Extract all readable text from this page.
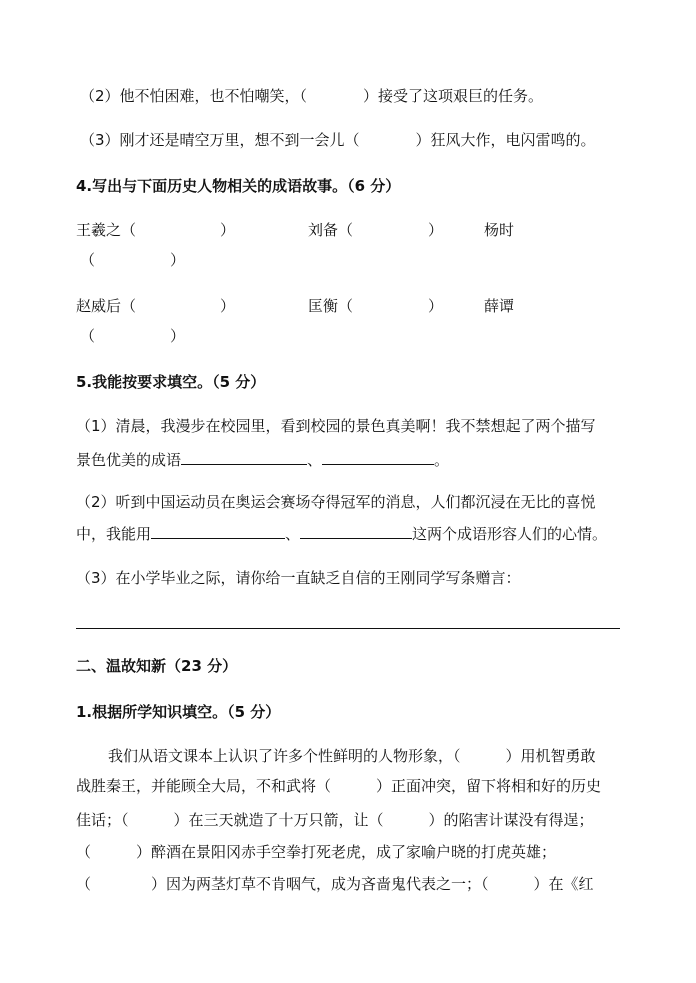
（2）他不怕困难，也不怕嘲笑，（	）接受了这项艰巨的任务。
（3）刚才还是晴空万里，想不到一会儿（	）狂风大作，电闪雷鸣的。
4.写出与下面历史人物相关的成语故事。（6 分）
王羲之（	）	刘备（	）	杨时
（	）
赵威后（	）	匡衡（	）	薛谭
（	）
5.我能按要求填空。（5 分）
（1）清晨，我漫步在校园里，看到校园的景色真美啊！我不禁想起了两个描写
景色优美的成语	、	。
（2）听到中国运动员在奥运会赛场夺得冠军的消息，人们都沉浸在无比的喜悦
中，我能用	、	这两个成语形容人们的心情。
（3）在小学毕业之际，请你给一直缺乏自信的王刚同学写条赠言：
二、温故知新（23 分）
1.根据所学知识填空。（5 分）
我们从语文课本上认识了许多个性鲜明的人物形象，（　　　）用机智勇敢
战胜秦王，并能顾全大局，不和武将（　　　）正面冲突，留下将相和好的历史
佳话；（　　　）在三天就造了十万只箭，让（　　　）的陷害计谋没有得逞；
（　　　）醉酒在景阳冈赤手空拳打死老虎，成了家喻户晓的打虎英雄；
（　　　　）因为两茎灯草不肯咽气，成为吝啬鬼代表之一；（　　　）在《红
